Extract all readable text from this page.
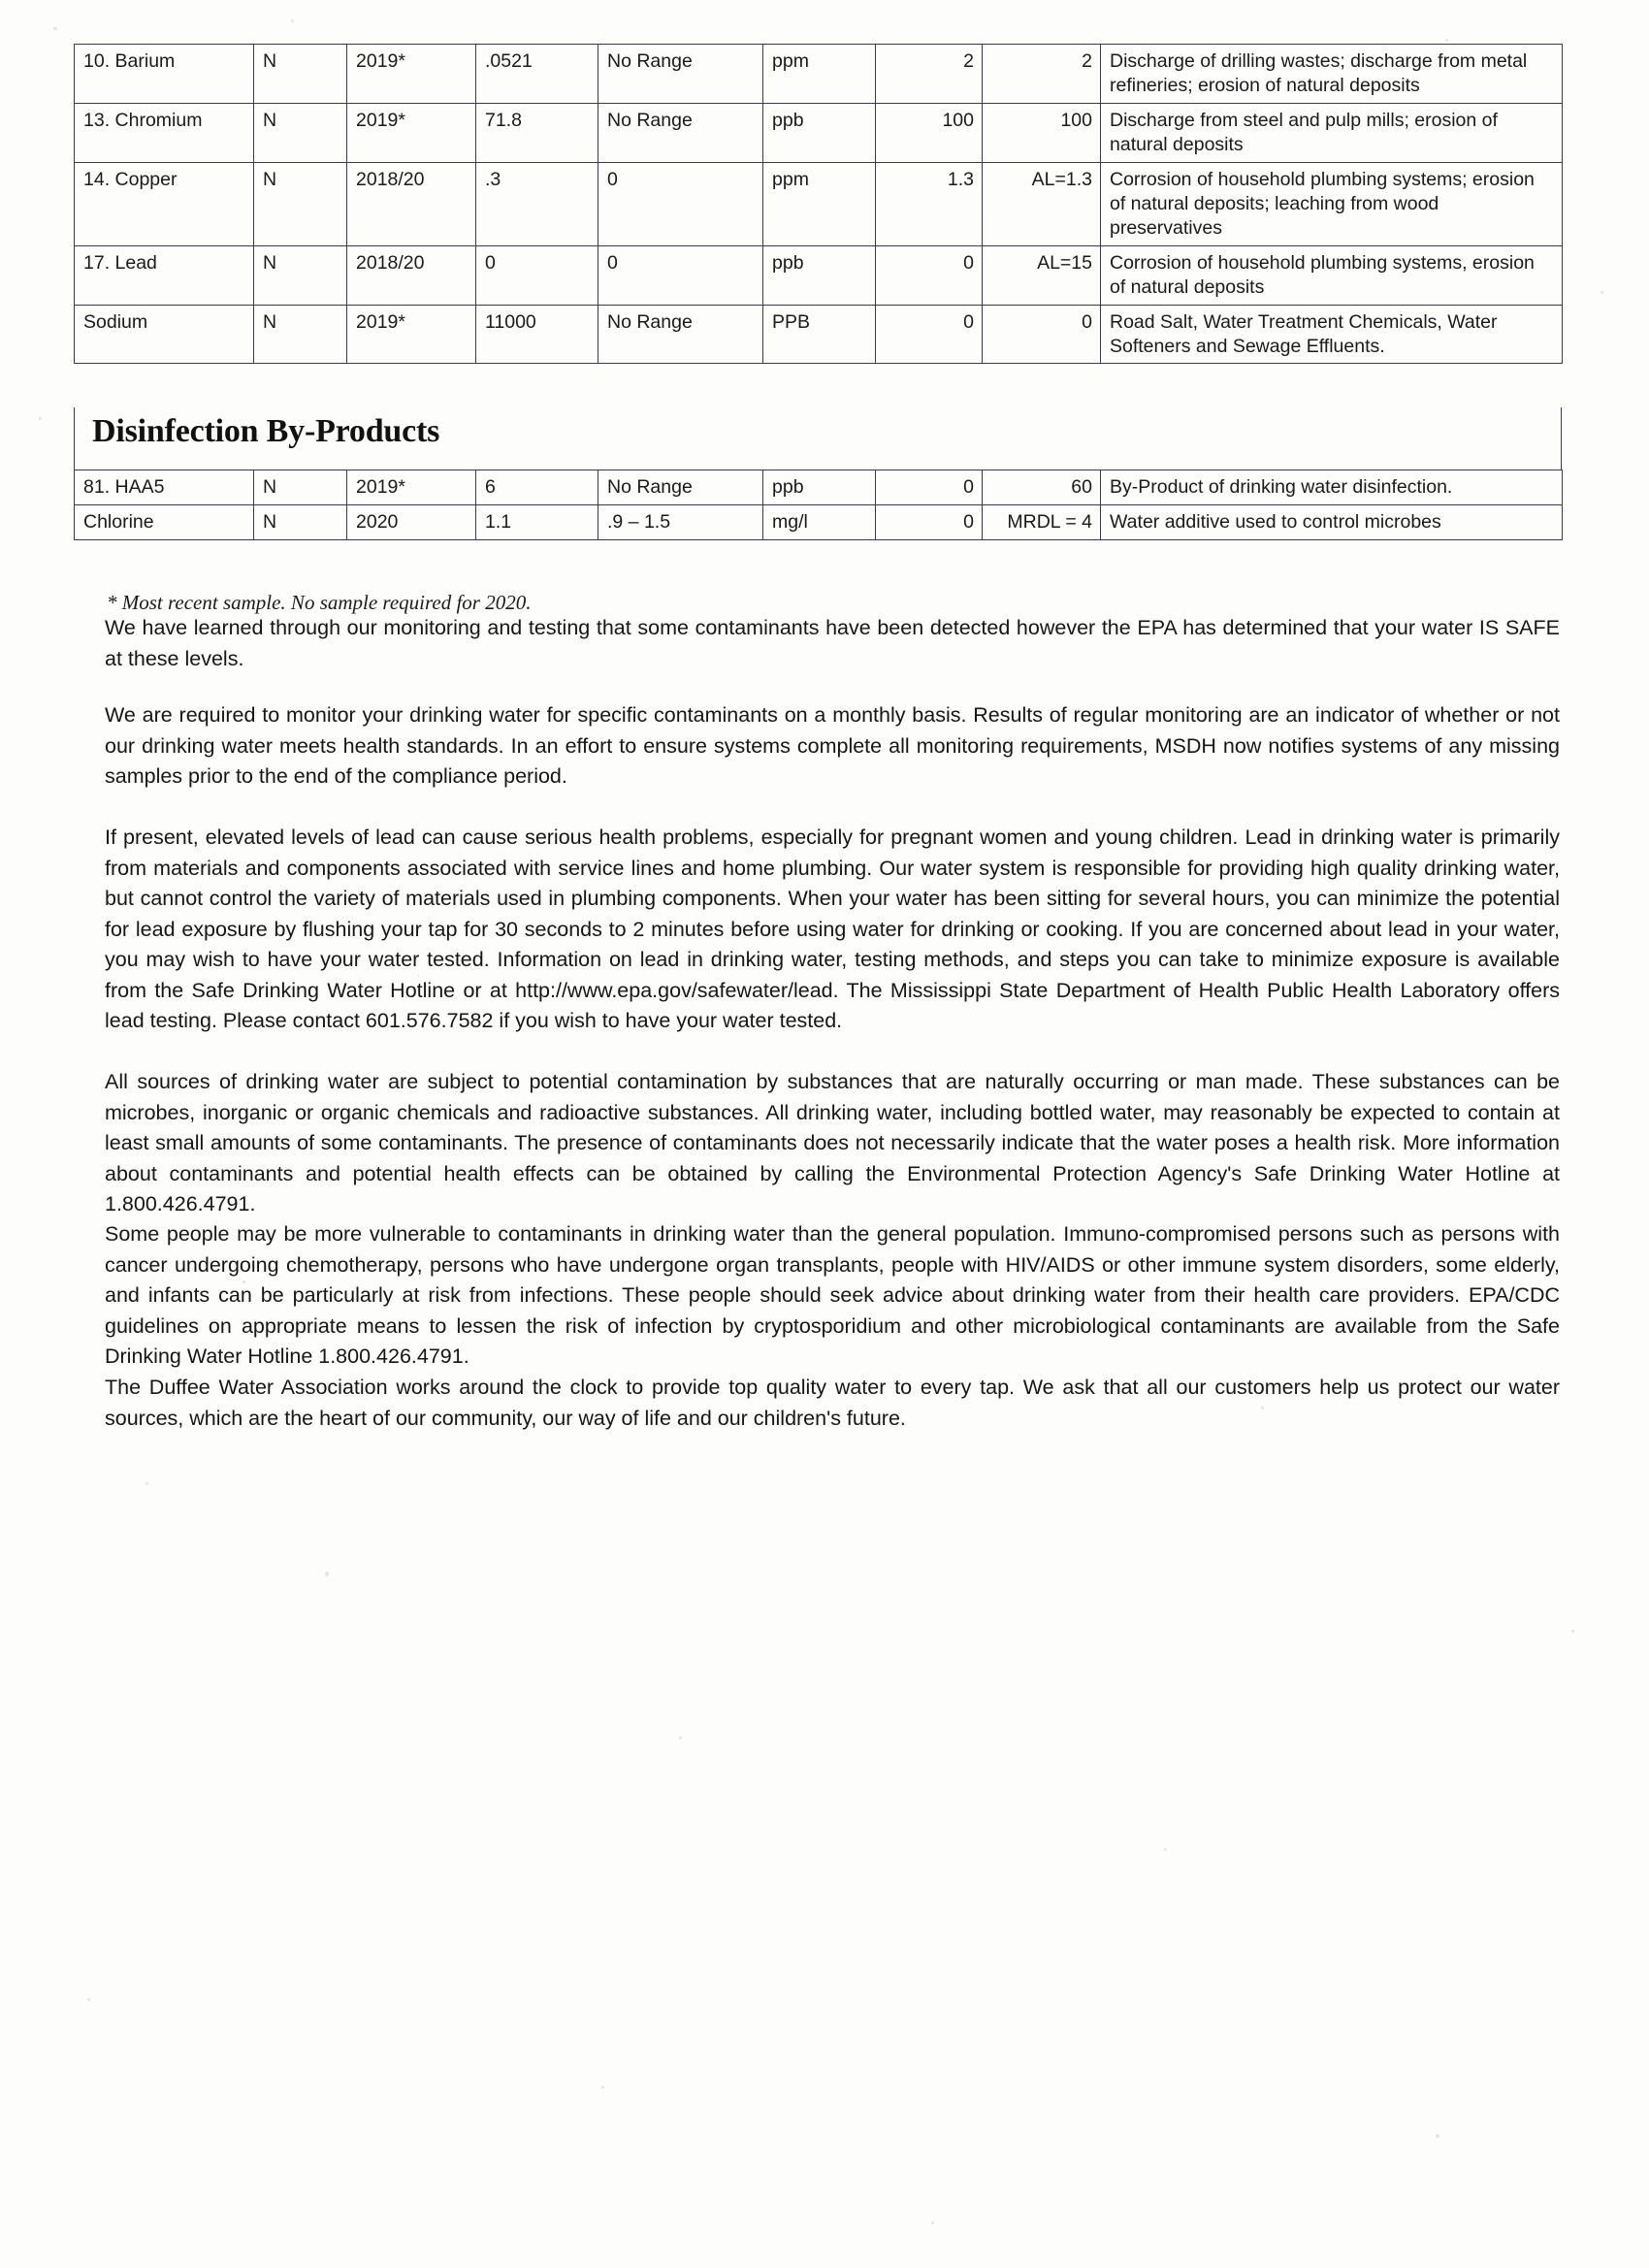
10. Barium	N	2019*	.0521	No Range	ppm	2	2	Discharge of drilling wastes; discharge from metal refineries; erosion of natural deposits
13. Chromium	N	2019*	71.8	No Range	ppb	100	100	Discharge from steel and pulp mills; erosion of natural deposits
14. Copper	N	2018/20	.3	0	ppm	1.3	AL=1.3	Corrosion of household plumbing systems; erosion of natural deposits; leaching from wood preservatives
17. Lead	N	2018/20	0	0	ppb	0	AL=15	Corrosion of household plumbing systems, erosion of natural deposits
Sodium	N	2019*	11000	No Range	PPB	0	0	Road Salt, Water Treatment Chemicals, Water Softeners and Sewage Effluents.
Disinfection By-Products
81. HAA5	N	2019*	6	No Range	ppb	0	60	By-Product of drinking water disinfection.
Chlorine	N	2020	1.1	.9 – 1.5	mg/l	0	MRDL = 4	Water additive used to control microbes
* Most recent sample. No sample required for 2020.

We have learned through our monitoring and testing that some contaminants have been detected however the EPA has determined that your water IS SAFE at these levels.

We are required to monitor your drinking water for specific contaminants on a monthly basis. Results of regular monitoring are an indicator of whether or not our drinking water meets health standards. In an effort to ensure systems complete all monitoring requirements, MSDH now notifies systems of any missing samples prior to the end of the compliance period.

If present, elevated levels of lead can cause serious health problems, especially for pregnant women and young children. Lead in drinking water is primarily from materials and components associated with service lines and home plumbing. Our water system is responsible for providing high quality drinking water, but cannot control the variety of materials used in plumbing components. When your water has been sitting for several hours, you can minimize the potential for lead exposure by flushing your tap for 30 seconds to 2 minutes before using water for drinking or cooking. If you are concerned about lead in your water, you may wish to have your water tested. Information on lead in drinking water, testing methods, and steps you can take to minimize exposure is available from the Safe Drinking Water Hotline or at http://www.epa.gov/safewater/lead. The Mississippi State Department of Health Public Health Laboratory offers lead testing. Please contact 601.576.7582 if you wish to have your water tested.

All sources of drinking water are subject to potential contamination by substances that are naturally occurring or man made. These substances can be microbes, inorganic or organic chemicals and radioactive substances. All drinking water, including bottled water, may reasonably be expected to contain at least small amounts of some contaminants. The presence of contaminants does not necessarily indicate that the water poses a health risk. More information about contaminants and potential health effects can be obtained by calling the Environmental Protection Agency's Safe Drinking Water Hotline at 1.800.426.4791.

Some people may be more vulnerable to contaminants in drinking water than the general population. Immuno-compromised persons such as persons with cancer undergoing chemotherapy, persons who have undergone organ transplants, people with HIV/AIDS or other immune system disorders, some elderly, and infants can be particularly at risk from infections. These people should seek advice about drinking water from their health care providers. EPA/CDC guidelines on appropriate means to lessen the risk of infection by cryptosporidium and other microbiological contaminants are available from the Safe Drinking Water Hotline 1.800.426.4791.

The Duffee Water Association works around the clock to provide top quality water to every tap. We ask that all our customers help us protect our water sources, which are the heart of our community, our way of life and our children's future.
